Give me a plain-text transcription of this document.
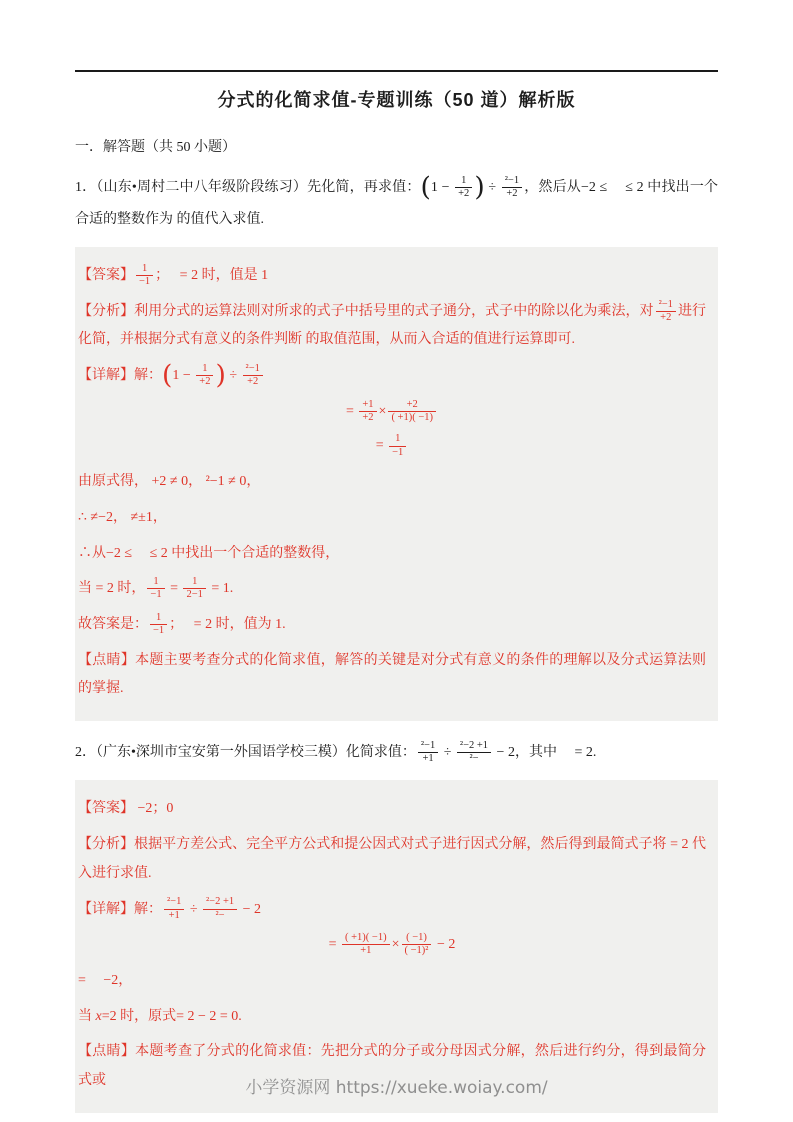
分式的化简求值-专题训练（50 道）解析版
一．解答题（共 50 小题）
1．（山东•周村二中八年级阶段练习）先化简，再求值：($1 - \frac{1}{+2}$ ) ÷ $\frac{\text{²−1}}{+2}$ ，然后从−2 ≤　 ≤ 2 中找出一个合适的整数作为 的值代入求值.
【答案】 $\frac{1}{-1}$ ；　 = 2 时，值是 1
【分析】利用分式的运算法则对所求的式子中括号里的式子通分，式子中的除以化为乘法，对 $\frac{\text{²−1}}{+2}$ 进行化简，并根据分式有意义的条件判断 的取值范围，从而入合适的值进行运算即可.
【详解】解：($1 - \frac{1}{+2}$ ) ÷ $\frac{\text{²−1}}{+2}$
= $\frac{+1}{+2} \times \frac{+2}{( +1)( -1)}$
= $\frac{1}{-1}$
由原式得， +2 ≠ 0， ²−1 ≠ 0，
∴ ≠−2， ≠±1，
∴从−2 ≤　 ≤ 2 中找出一个合适的整数得，
当 = 2 时， $\frac{1}{-1} = \frac{1}{2-1} = 1$.
故答案是： $\frac{1}{-1}$ ；　 = 2 时，值为 1.
【点睛】本题主要考查分式的化简求值，解答的关键是对分式有意义的条件的理解以及分式运算法则的掌握.
2．（广东•深圳市宝安第一外国语学校三模）化简求值： $\frac{\text{²−1}}{+1} \div \frac{\text{²−2 +1}}{\text{²−}} - 2$，其中　 = 2.
【答案】 −2；0
【分析】根据平方差公式、完全平方公式和提公因式对式子进行因式分解，然后得到最简式子将 = 2 代入进行求值.
【详解】解： $\frac{\text{²−1}}{+1} \div \frac{\text{²−2 +1}}{\text{²−}} - 2$
= $\frac{( +1)( -1)}{+1} \times \frac{( -1)}{\text{( −1)²}} - 2$
=　 −2，
当 x=2 时，原式= 2 − 2 = 0.
【点睛】本题考查了分式的化简求值：先把分式的分子或分母因式分解，然后进行约分，得到最简分式或	小学资源网 https://xueke.woiay.com/
